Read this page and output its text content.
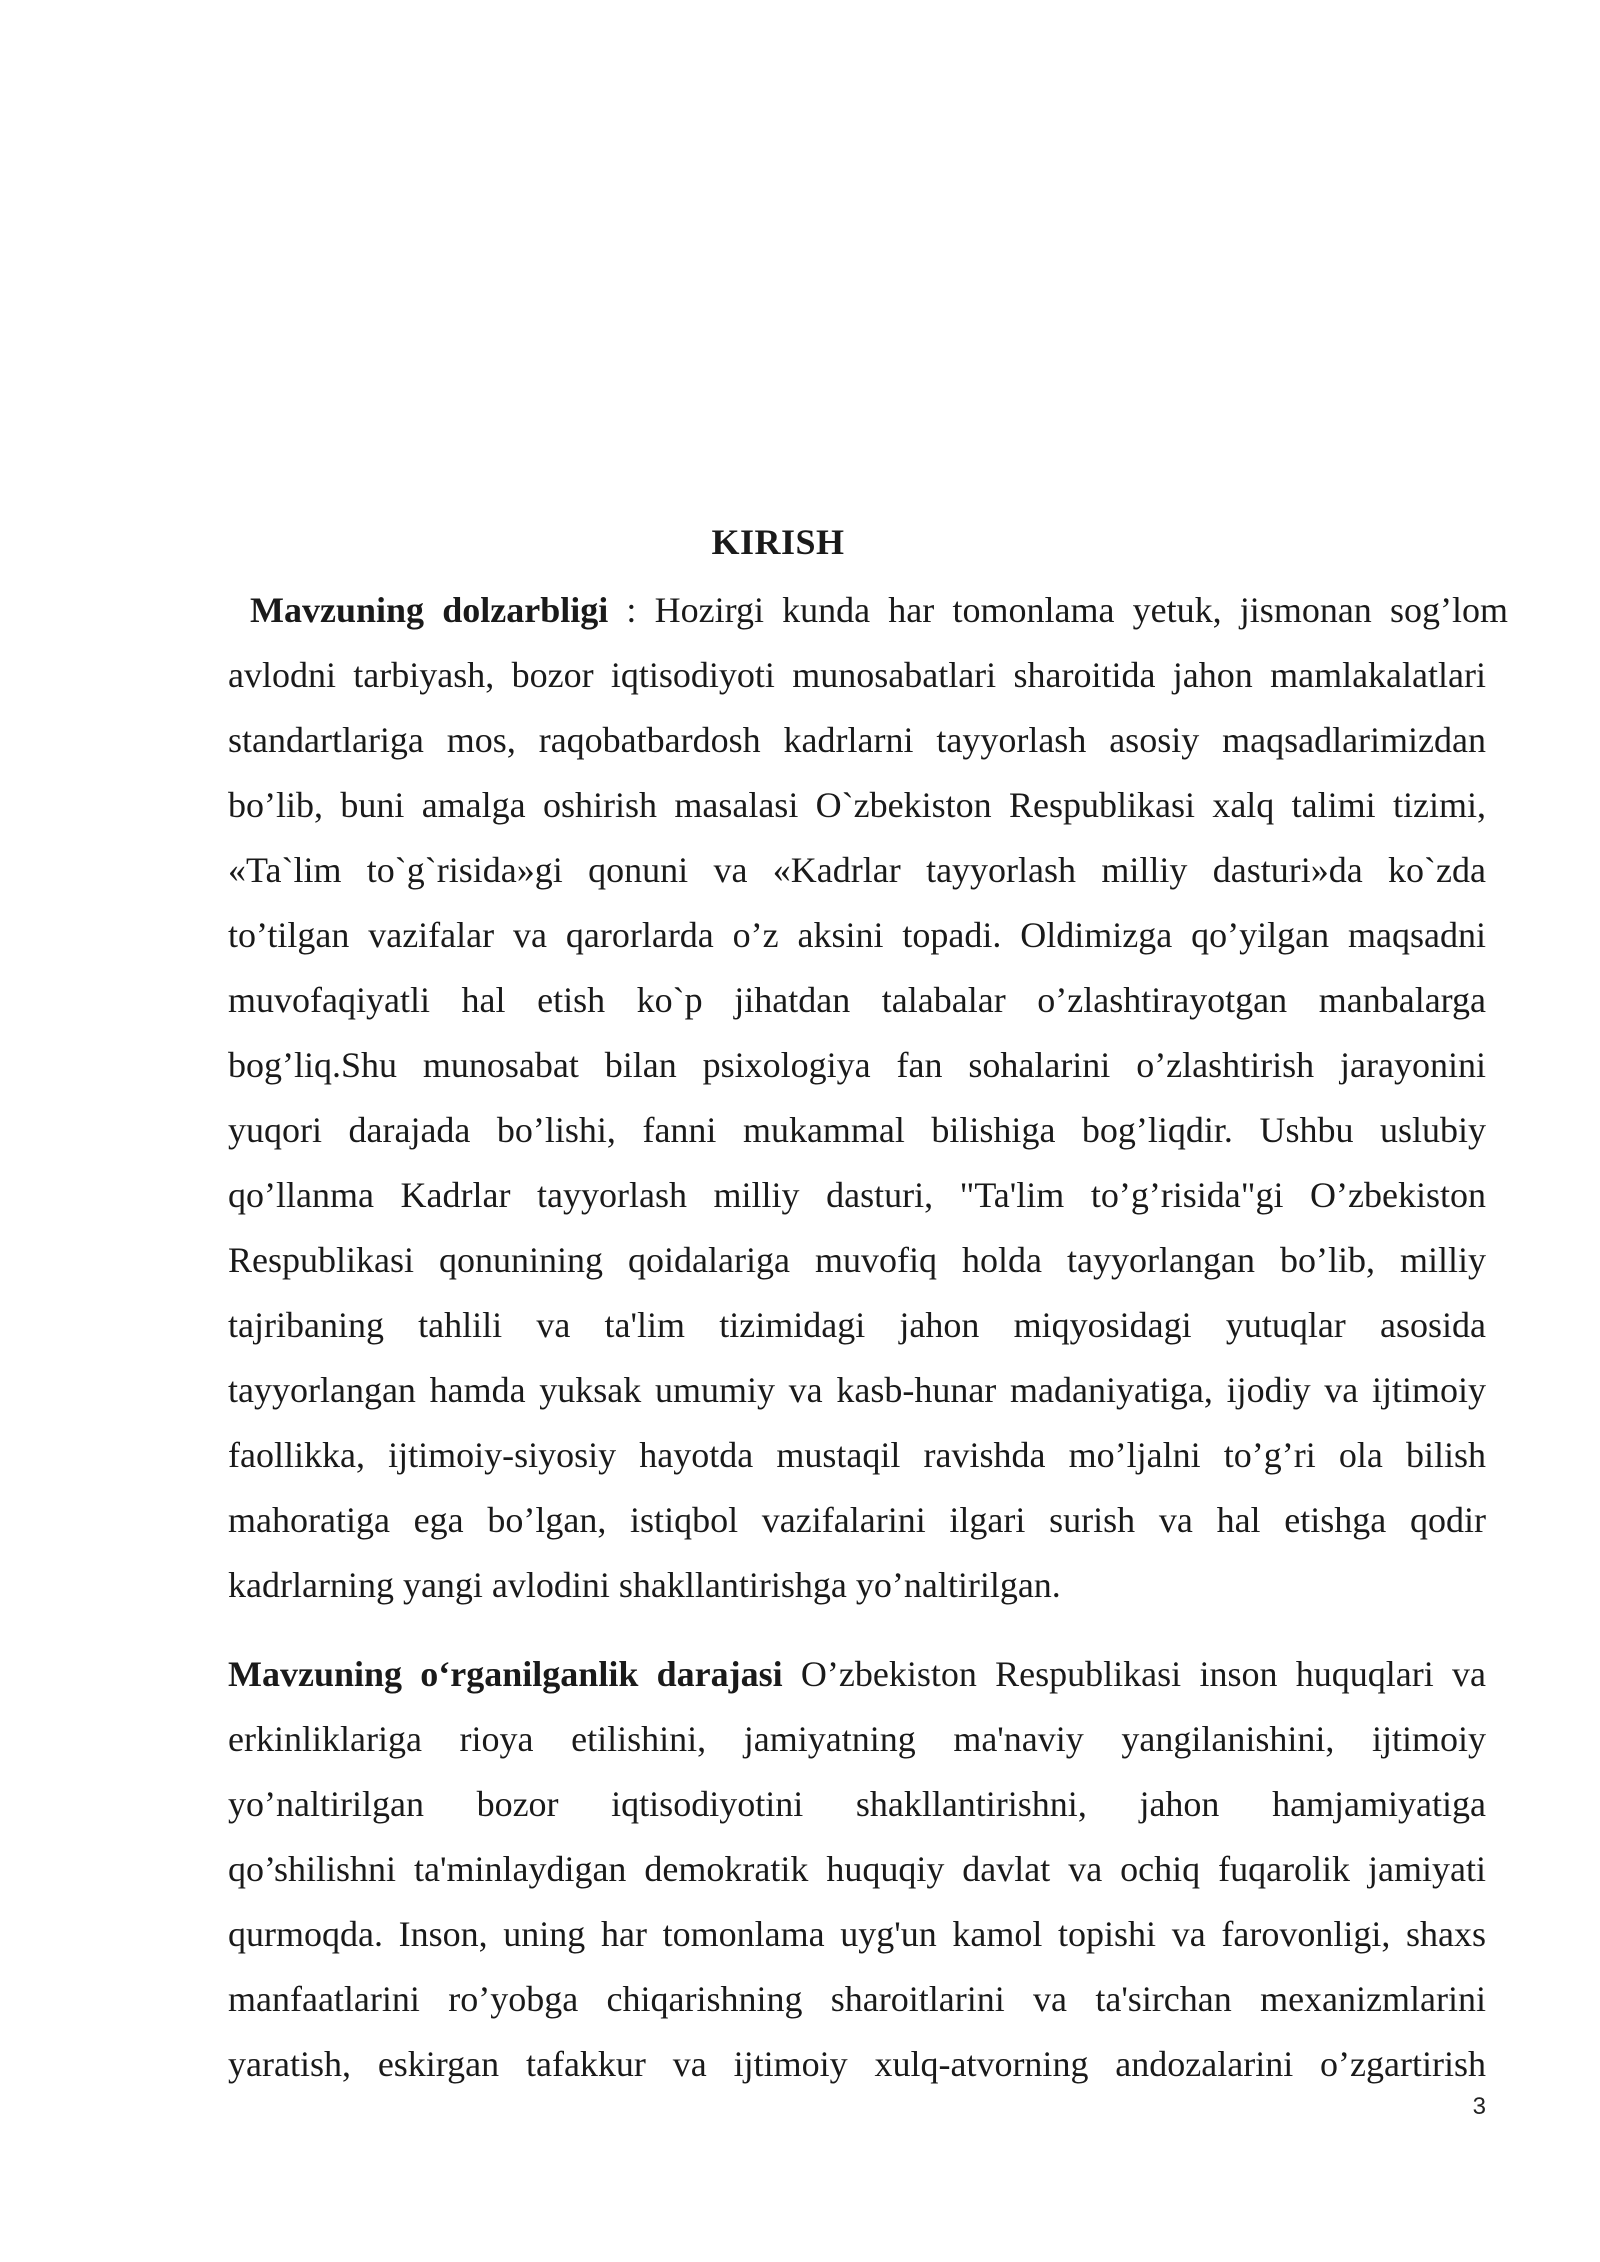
KIRISH
Mavzuning dolzarbligi : Hozirgi kunda har tomonlama yetuk, jismonan sog’lom
avlodni tarbiyash, bozor iqtisodiyoti munosabatlari sharoitida jahon mamlakalatlari
standartlariga mos, raqobatbardosh kadrlarni tayyorlash asosiy maqsadlarimizdan
bo’lib, buni amalga oshirish masalasi O`zbekiston Respublikasi xalq talimi tizimi,
«Ta`lim to`g`risida»gi qonuni va «Kadrlar tayyorlash milliy dasturi»da ko`zda
to’tilgan vazifalar va qarorlarda o’z aksini topadi. Oldimizga qo’yilgan maqsadni
muvofaqiyatli hal etish ko`p jihatdan talabalar o’zlashtirayotgan manbalarga
bog’liq.Shu munosabat bilan psixologiya fan sohalarini o’zlashtirish jarayonini
yuqori darajada bo’lishi, fanni mukammal bilishiga bog’liqdir. Ushbu uslubiy
qo’llanma Kadrlar tayyorlash milliy dasturi, "Ta'lim to’g’risida"gi O’zbekiston
Respublikasi qonunining qoidalariga muvofiq holda tayyorlangan bo’lib, milliy
tajribaning tahlili va ta'lim tizimidagi jahon miqyosidagi yutuqlar asosida
tayyorlangan hamda yuksak umumiy va kasb-hunar madaniyatiga, ijodiy va ijtimoiy
faollikka, ijtimoiy-siyosiy hayotda mustaqil ravishda mo’ljalni to’g’ri ola bilish
mahoratiga ega bo’lgan, istiqbol vazifalarini ilgari surish va hal etishga qodir
kadrlarning yangi avlodini shakllantirishga yo’naltirilgan.
Mavzuning o‘rganilganlik darajasi O’zbekiston Respublikasi inson huquqlari va
erkinliklariga rioya etilishini, jamiyatning ma'naviy yangilanishini, ijtimoiy
yo’naltirilgan bozor iqtisodiyotini shakllantirishni, jahon hamjamiyatiga
qo’shilishni ta'minlaydigan demokratik huquqiy davlat va ochiq fuqarolik jamiyati
qurmoqda. Inson, uning har tomonlama uyg'un kamol topishi va farovonligi, shaxs
manfaatlarini ro’yobga chiqarishning sharoitlarini va ta'sirchan mexanizmlarini
yaratish, eskirgan tafakkur va ijtimoiy xulq-atvorning andozalarini o’zgartirish
3
